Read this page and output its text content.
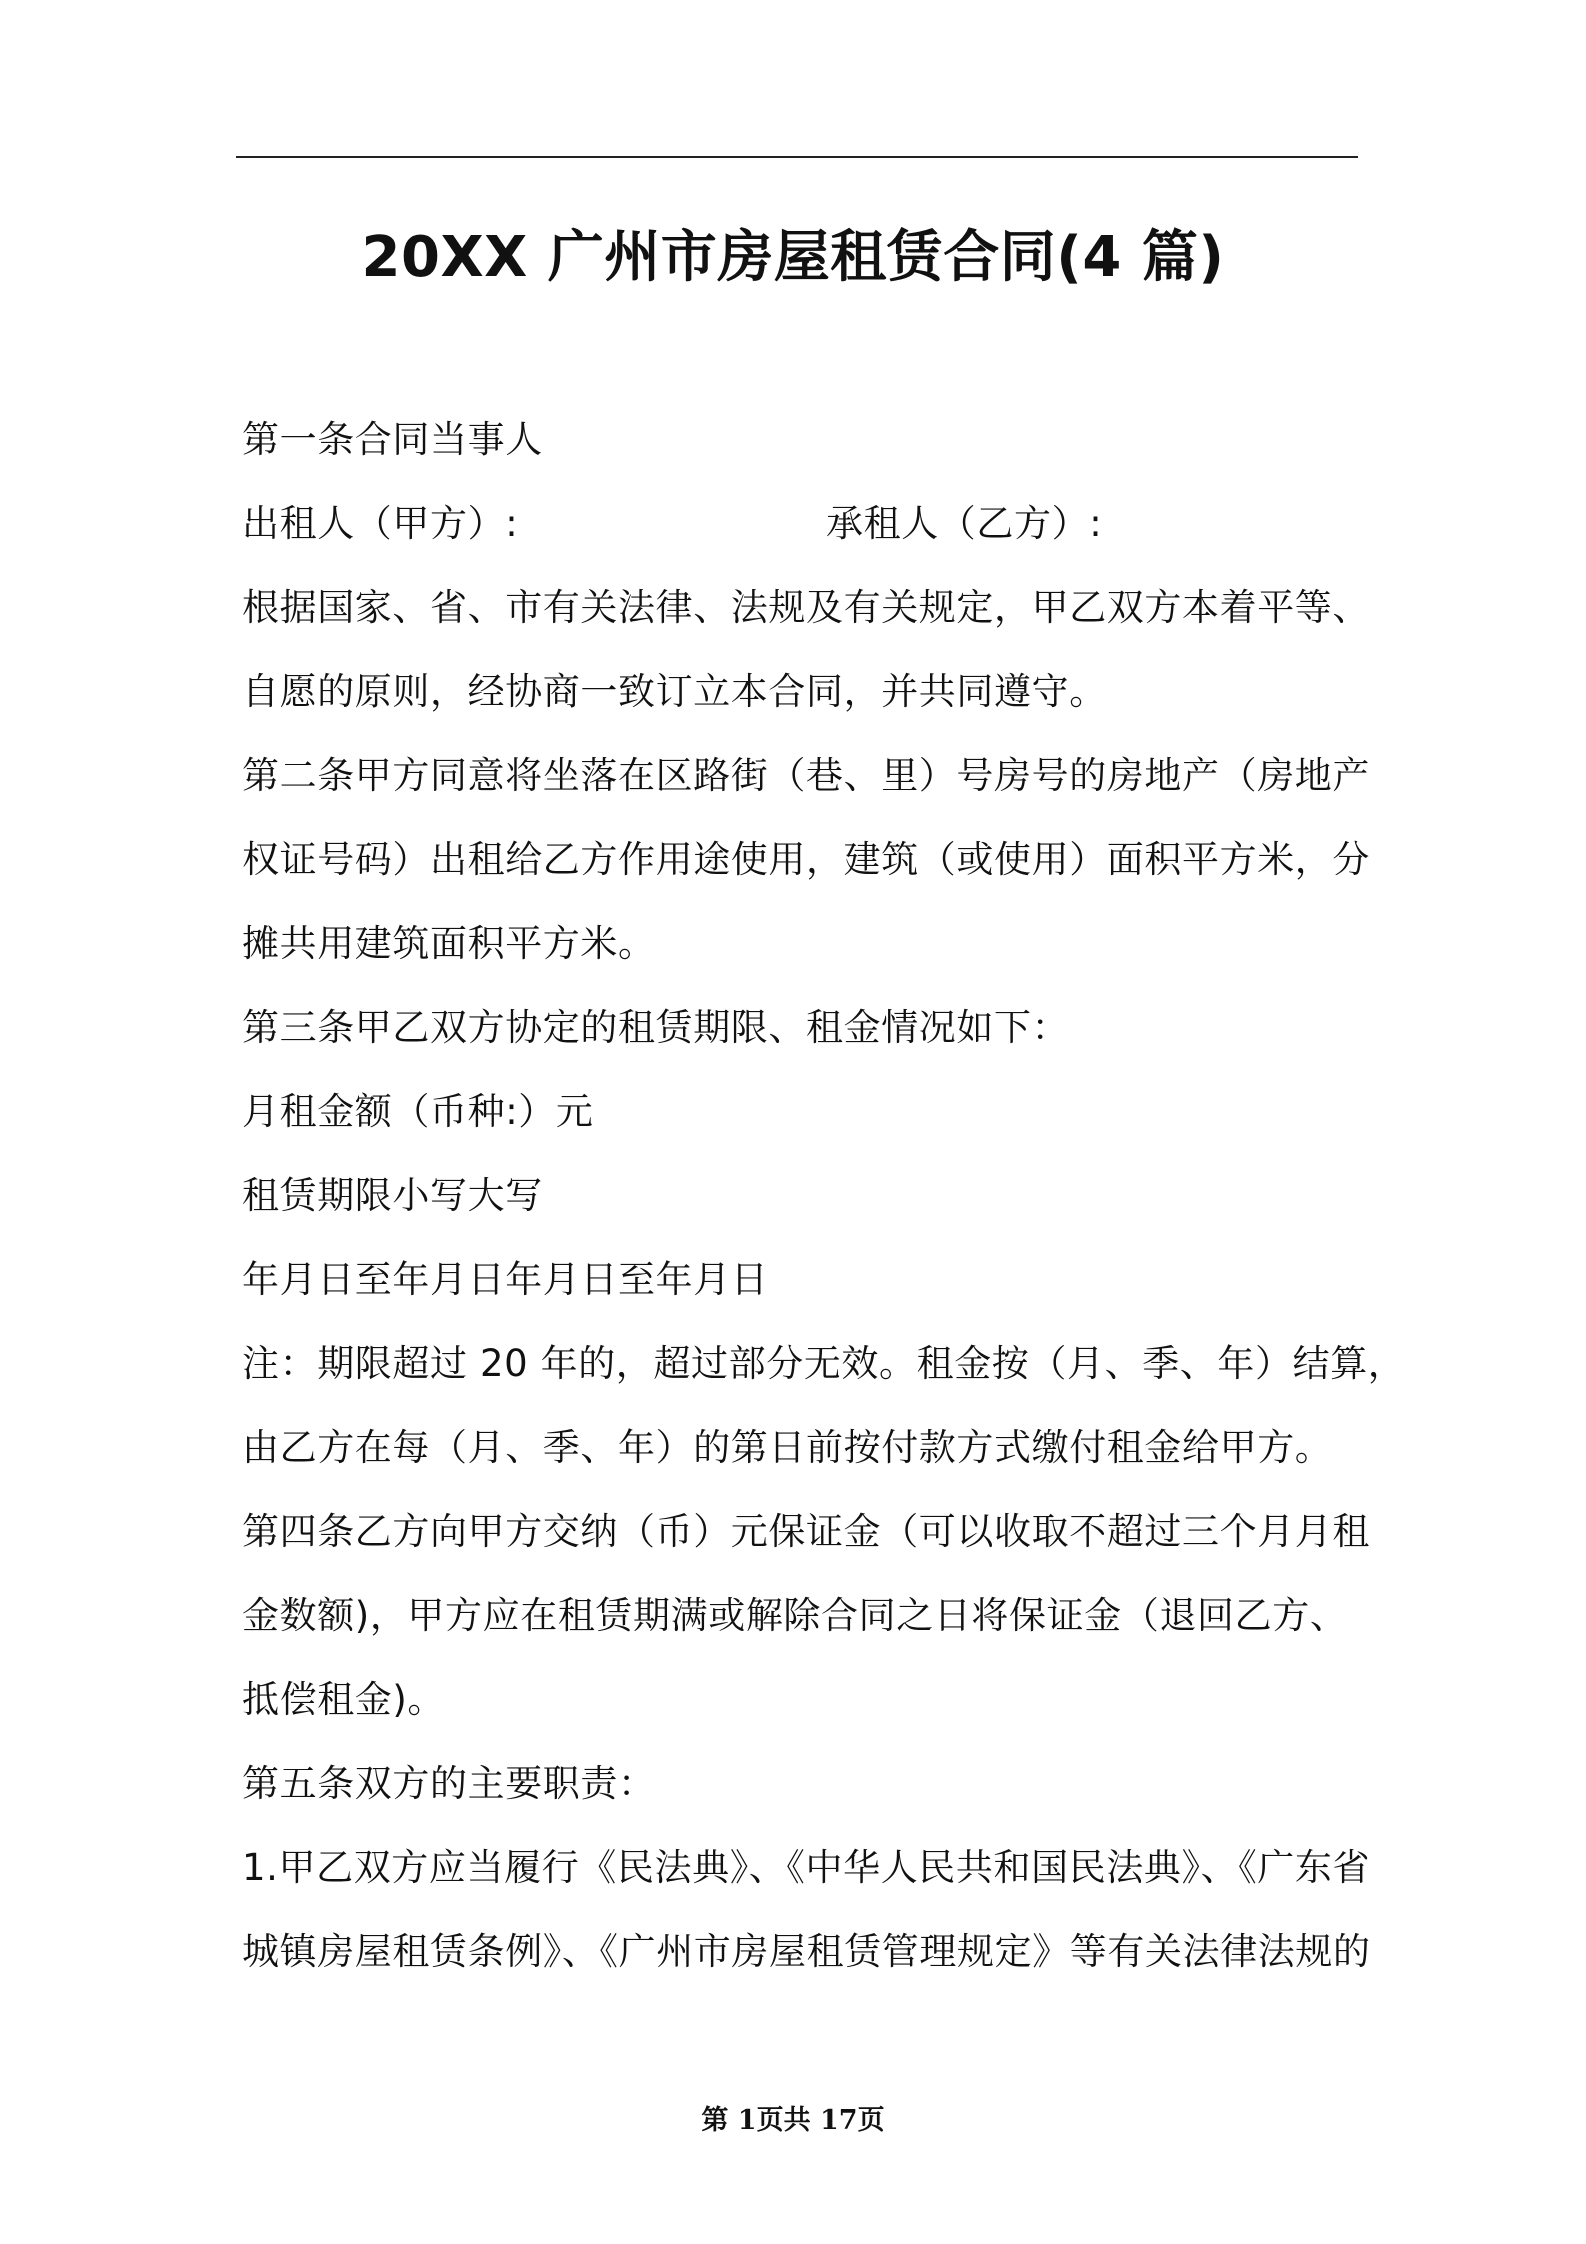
20XX 广州市房屋租赁合同(4 篇)
第一条合同当事人
出租人（甲方）:	承租人（乙方）:
根据国家、省、市有关法律、法规及有关规定，甲乙双方本着平等、
自愿的原则，经协商一致订立本合同，并共同遵守。
第二条甲方同意将坐落在区路街（巷、里）号房号的房地产（房地产
权证号码）出租给乙方作用途使用，建筑（或使用）面积平方米，分
摊共用建筑面积平方米。
第三条甲乙双方协定的租赁期限、租金情况如下：
月租金额（币种:）元
租赁期限小写大写
年月日至年月日年月日至年月日
注：期限超过 20 年的，超过部分无效。租金按（月、季、年）结算，
由乙方在每（月、季、年）的第日前按付款方式缴付租金给甲方。
第四条乙方向甲方交纳（币）元保证金（可以收取不超过三个月月租
金数额)，甲方应在租赁期满或解除合同之日将保证金（退回乙方、
抵偿租金)。
第五条双方的主要职责：
1.甲乙双方应当履行《民法典》、《中华人民共和国民法典》、《广东省
城镇房屋租赁条例》、《广州市房屋租赁管理规定》等有关法律法规的
第 1页共 17页
